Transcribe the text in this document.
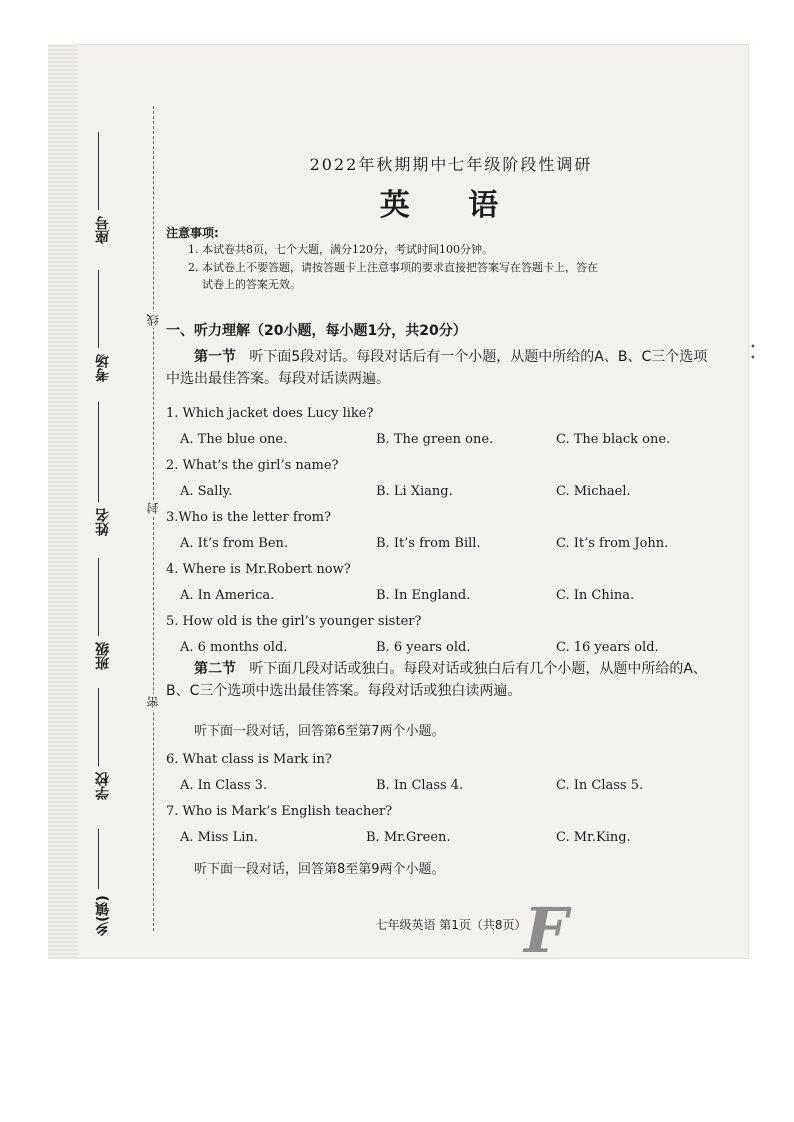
线
封
密
座号
考场
姓名
班级
学校
乡(镇)
• •
2022年秋期期中七年级阶段性调研
英 语
注意事项:
1. 本试卷共8页，七个大题，满分120分，考试时间100分钟。
2. 本试卷上不要答题，请按答题卡上注意事项的要求直接把答案写在答题卡上，答在
试卷上的答案无效。
一、听力理解（20小题，每小题1分，共20分）
第一节 听下面5段对话。每段对话后有一个小题，从题中所给的A、B、C三个选项中选出最佳答案。每段对话读两遍。
1. Which jacket does Lucy like?
A. The blue one.	B. The green one.	C. The black one.
2. What’s the girl’s name?
A. Sally.	B. Li Xiang.	C. Michael.
3.Who is the letter from?
A. It’s from Ben.	B. It’s from Bill.	C. It’s from John.
4. Where is Mr.Robert now?
A. In America.	B. In England.	C. In China.
5. How old is the girl’s younger sister?
A. 6 months old.	B. 6 years old.	C. 16 years old.
第二节 听下面几段对话或独白。每段对话或独白后有几个小题，从题中所给的A、B、C三个选项中选出最佳答案。每段对话或独白读两遍。
听下面一段对话，回答第6至第7两个小题。
6. What class is Mark in?
A. In Class 3.	B. In Class 4.	C. In Class 5.
7. Who is Mark’s English teacher?
A. Miss Lin.	B. Mr.Green.	C. Mr.King.
听下面一段对话，回答第8至第9两个小题。
七年级英语 第1页（共8页）
F
